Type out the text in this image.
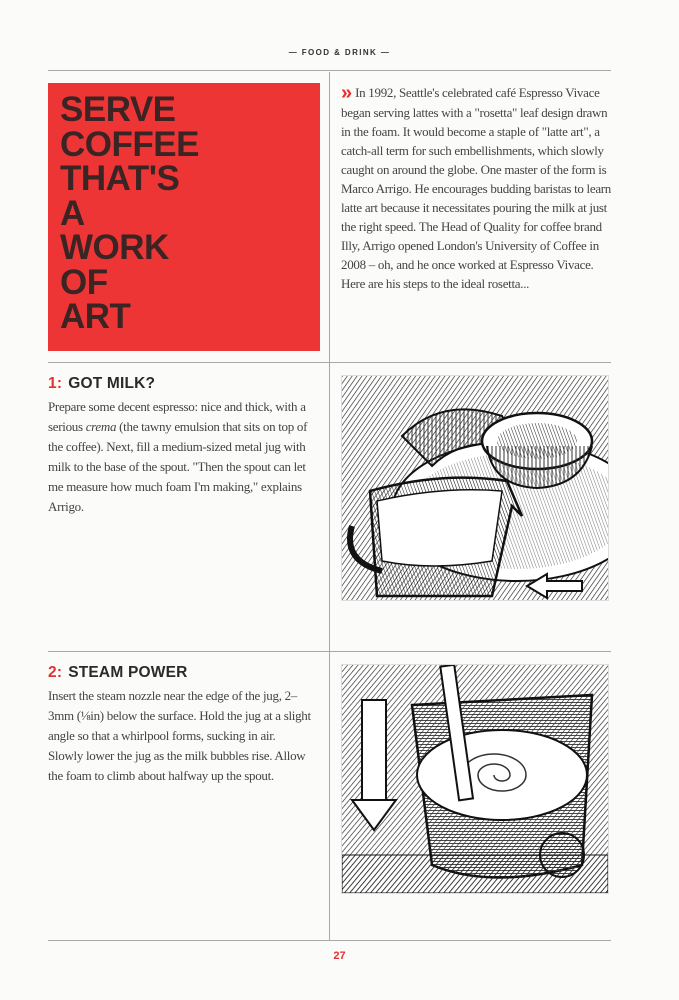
— FOOD & DRINK —
SERVE
COFFEE
THAT'S
A
WORK
OF
ART
» In 1992, Seattle's celebrated café Espresso Vivace began serving lattes with a "rosetta" leaf design drawn in the foam. It would become a staple of "latte art", a catch-all term for such embellishments, which slowly caught on around the globe. One master of the form is Marco Arrigo. He encourages budding baristas to learn latte art because it necessitates pouring the milk at just the right speed. The Head of Quality for coffee brand Illy, Arrigo opened London's University of Coffee in 2008 – oh, and he once worked at Espresso Vivace. Here are his steps to the ideal rosetta...
1: GOT MILK?
Prepare some decent espresso: nice and thick, with a serious crema (the tawny emulsion that sits on top of the coffee). Next, fill a medium-sized metal jug with milk to the base of the spout. "Then the spout can let me measure how much foam I'm making," explains Arrigo.
2: STEAM POWER
Insert the steam nozzle near the edge of the jug, 2–3mm (⅛in) below the surface. Hold the jug at a slight angle so that a whirlpool forms, sucking in air. Slowly lower the jug as the milk bubbles rise. Allow the foam to climb about halfway up the spout.
27
